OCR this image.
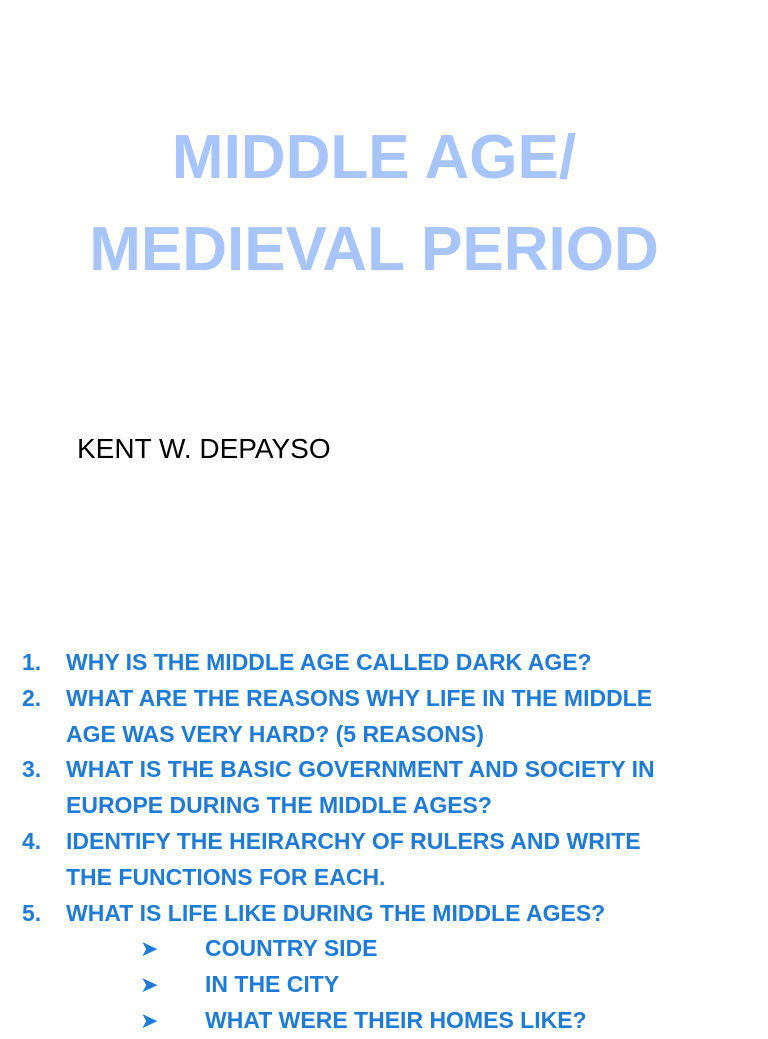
MIDDLE AGE/
MEDIEVAL PERIOD
KENT W. DEPAYSO
1. WHY IS THE MIDDLE AGE CALLED DARK AGE?
2. WHAT ARE THE REASONS WHY LIFE IN THE MIDDLE
AGE WAS VERY HARD? (5 REASONS)
3. WHAT IS THE BASIC GOVERNMENT AND SOCIETY IN
EUROPE DURING THE MIDDLE AGES?
4. IDENTIFY THE HEIRARCHY OF RULERS AND WRITE
THE FUNCTIONS FOR EACH.
5. WHAT IS LIFE LIKE DURING THE MIDDLE AGES?
➤ COUNTRY SIDE
➤ IN THE CITY
➤ WHAT WERE THEIR HOMES LIKE?
